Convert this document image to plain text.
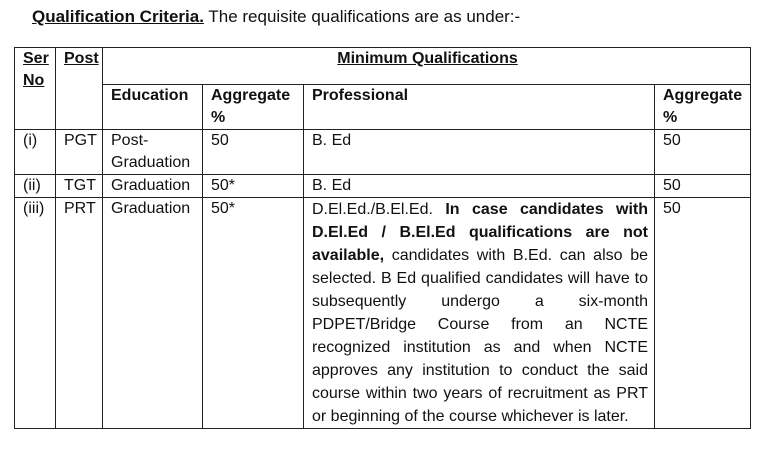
Qualification Criteria. The requisite qualifications are as under:-
Ser No	Post	Minimum Qualifications			
		Education	Aggregate %	Professional	Aggregate %
(i)	PGT	Post-Graduation	50	B. Ed	50
(ii)	TGT	Graduation	50*	B. Ed	50
(iii)	PRT	Graduation	50*	D.El.Ed./B.El.Ed. In case candidates with D.El.Ed / B.El.Ed qualifications are not available, candidates with B.Ed. can also be selected. B Ed qualified candidates will have to subsequently undergo a six-month PDPET/Bridge Course from an NCTE recognized institution as and when NCTE approves any institution to conduct the said course within two years of recruitment as PRT or beginning of the course whichever is later.	50
